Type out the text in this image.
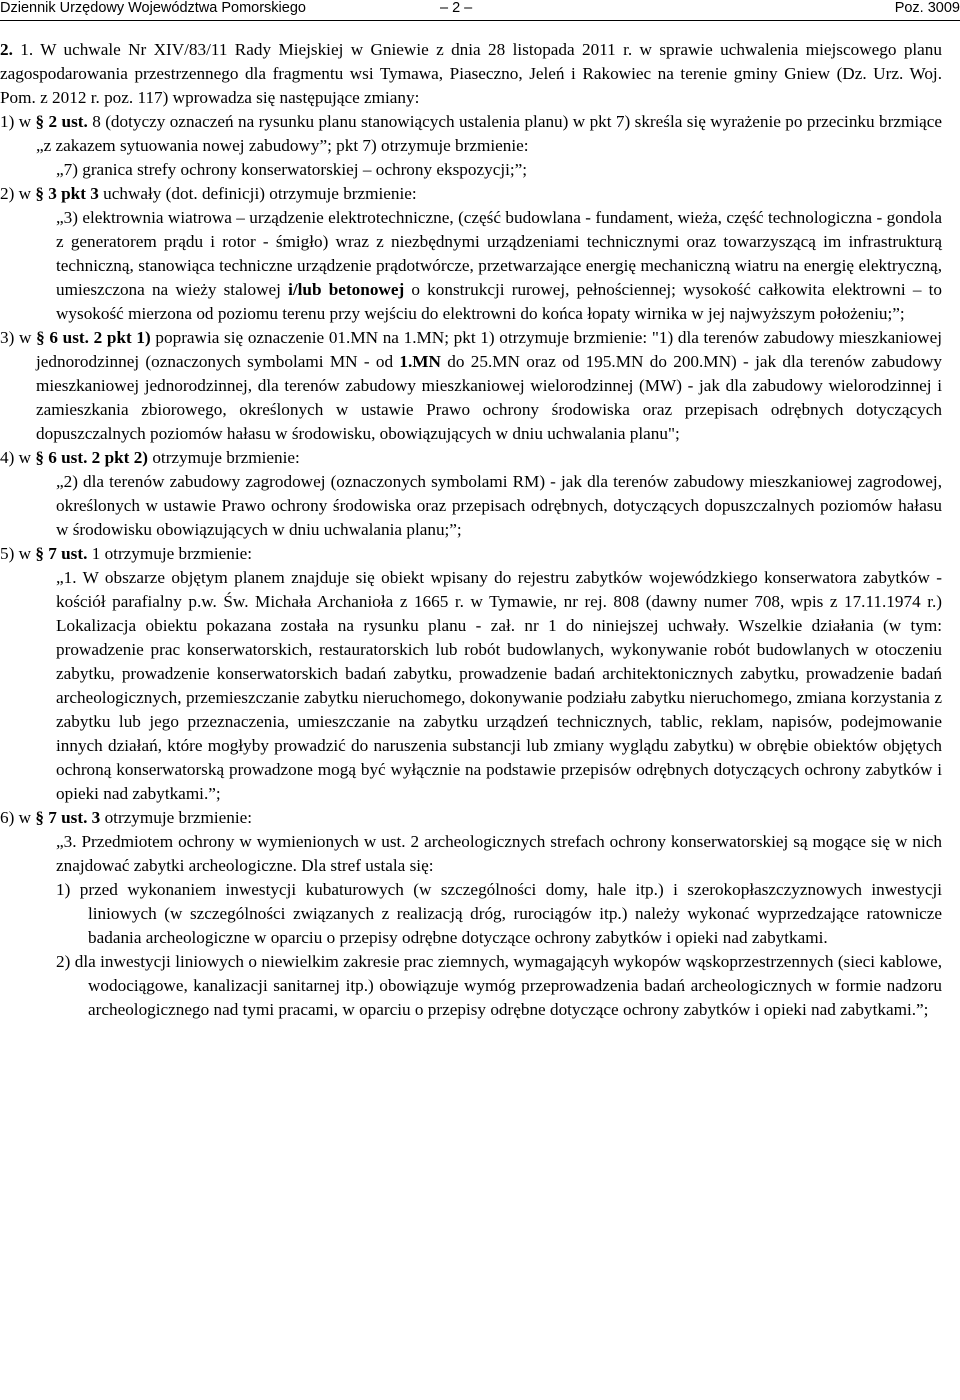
Dziennik Urzędowy Województwa Pomorskiego	– 2 –	Poz. 3009

2. 1. W uchwale Nr XIV/83/11 Rady Miejskiej w Gniewie z dnia 28 listopada 2011 r. w sprawie uchwalenia miejscowego planu zagospodarowania przestrzennego dla fragmentu wsi Tymawa, Piaseczno, Jeleń i Rakowiec na terenie gminy Gniew (Dz. Urz. Woj. Pom. z 2012 r. poz. 117) wprowadza się następujące zmiany:

1) w § 2 ust. 8 (dotyczy oznaczeń na rysunku planu stanowiących ustalenia planu) w pkt 7) skreśla się wyrażenie po przecinku brzmiące „z zakazem sytuowania nowej zabudowy”; pkt 7) otrzymuje brzmienie:

„7) granica strefy ochrony konserwatorskiej – ochrony ekspozycji;”;

2) w § 3 pkt 3 uchwały (dot. definicji) otrzymuje brzmienie:

„3) elektrownia wiatrowa – urządzenie elektrotechniczne, (część budowlana - fundament, wieża, część technologiczna - gondola z generatorem prądu i rotor - śmigło) wraz z niezbędnymi urządzeniami technicznymi oraz towarzyszącą im infrastrukturą techniczną, stanowiąca techniczne urządzenie prądotwórcze, przetwarzające energię mechaniczną wiatru na energię elektryczną, umieszczona na wieży stalowej i/lub betonowej o konstrukcji rurowej, pełnościennej; wysokość całkowita elektrowni – to wysokość mierzona od poziomu terenu przy wejściu do elektrowni do końca łopaty wirnika w jej najwyższym położeniu;”;

3) w § 6 ust. 2 pkt 1) poprawia się oznaczenie 01.MN na 1.MN; pkt 1) otrzymuje brzmienie: "1) dla terenów zabudowy mieszkaniowej jednorodzinnej (oznaczonych symbolami MN - od 1.MN do 25.MN oraz od 195.MN do 200.MN) - jak dla terenów zabudowy mieszkaniowej jednorodzinnej, dla terenów zabudowy mieszkaniowej wielorodzinnej (MW) - jak dla zabudowy wielorodzinnej i zamieszkania zbiorowego, określonych w ustawie Prawo ochrony środowiska oraz przepisach odrębnych dotyczących dopuszczalnych poziomów hałasu w środowisku, obowiązujących w dniu uchwalania planu";

4) w § 6 ust. 2 pkt 2) otrzymuje brzmienie:

„2) dla terenów zabudowy zagrodowej (oznaczonych symbolami RM) - jak dla terenów zabudowy mieszkaniowej zagrodowej, określonych w ustawie Prawo ochrony środowiska oraz przepisach odrębnych, dotyczących dopuszczalnych poziomów hałasu w środowisku obowiązujących w dniu uchwalania planu;”;

5) w § 7 ust. 1 otrzymuje brzmienie:

„1. W obszarze objętym planem znajduje się obiekt wpisany do rejestru zabytków wojewódzkiego konserwatora zabytków - kościół parafialny p.w. Św. Michała Archanioła z 1665 r. w Tymawie, nr rej. 808 (dawny numer 708, wpis z 17.11.1974 r.) Lokalizacja obiektu pokazana została na rysunku planu - zał. nr 1 do niniejszej uchwały. Wszelkie działania (w tym: prowadzenie prac konserwatorskich, restauratorskich lub robót budowlanych, wykonywanie robót budowlanych w otoczeniu zabytku, prowadzenie konserwatorskich badań zabytku, prowadzenie badań architektonicznych zabytku, prowadzenie badań archeologicznych, przemieszczanie zabytku nieruchomego, dokonywanie podziału zabytku nieruchomego, zmiana korzystania z zabytku lub jego przeznaczenia, umieszczanie na zabytku urządzeń technicznych, tablic, reklam, napisów, podejmowanie innych działań, które mogłyby prowadzić do naruszenia substancji lub zmiany wyglądu zabytku) w obrębie obiektów objętych ochroną konserwatorską prowadzone mogą być wyłącznie na podstawie przepisów odrębnych dotyczących ochrony zabytków i opieki nad zabytkami.”;

6) w § 7 ust. 3 otrzymuje brzmienie:

„3. Przedmiotem ochrony w wymienionych w ust. 2 archeologicznych strefach ochrony konserwatorskiej są mogące się w nich znajdować zabytki archeologiczne. Dla stref ustala się:

1) przed wykonaniem inwestycji kubaturowych (w szczególności domy, hale itp.) i szerokopłaszczyznowych inwestycji liniowych (w szczególności związanych z realizacją dróg, rurociągów itp.) należy wykonać wyprzedzające ratownicze badania archeologiczne w oparciu o przepisy odrębne dotyczące ochrony zabytków i opieki nad zabytkami.

2) dla inwestycji liniowych o niewielkim zakresie prac ziemnych, wymagającyh wykopów wąskoprzestrzennych (sieci kablowe, wodociągowe, kanalizacji sanitarnej itp.) obowiązuje wymóg przeprowadzenia badań archeologicznych w formie nadzoru archeologicznego nad tymi pracami, w oparciu o przepisy odrębne dotyczące ochrony zabytków i opieki nad zabytkami.”;
